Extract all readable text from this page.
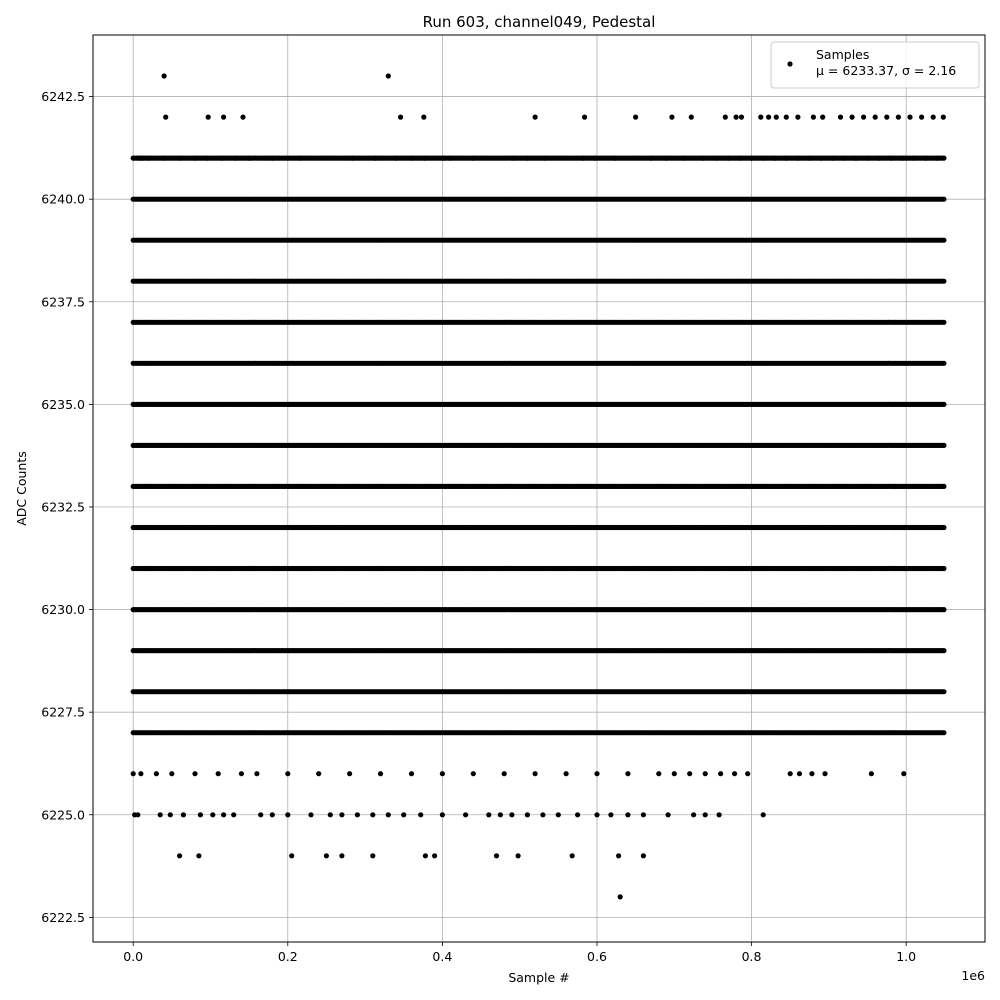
0.0	0.2	0.4	0.6	0.8	1.0
6222.5
6225.0
6227.5
6230.0
6232.5
6235.0
6237.5
6240.0
6242.5
Run 603, channel049, Pedestal
Sample #
ADC Counts
1e6
Samples
μ = 6233.37, σ = 2.16
